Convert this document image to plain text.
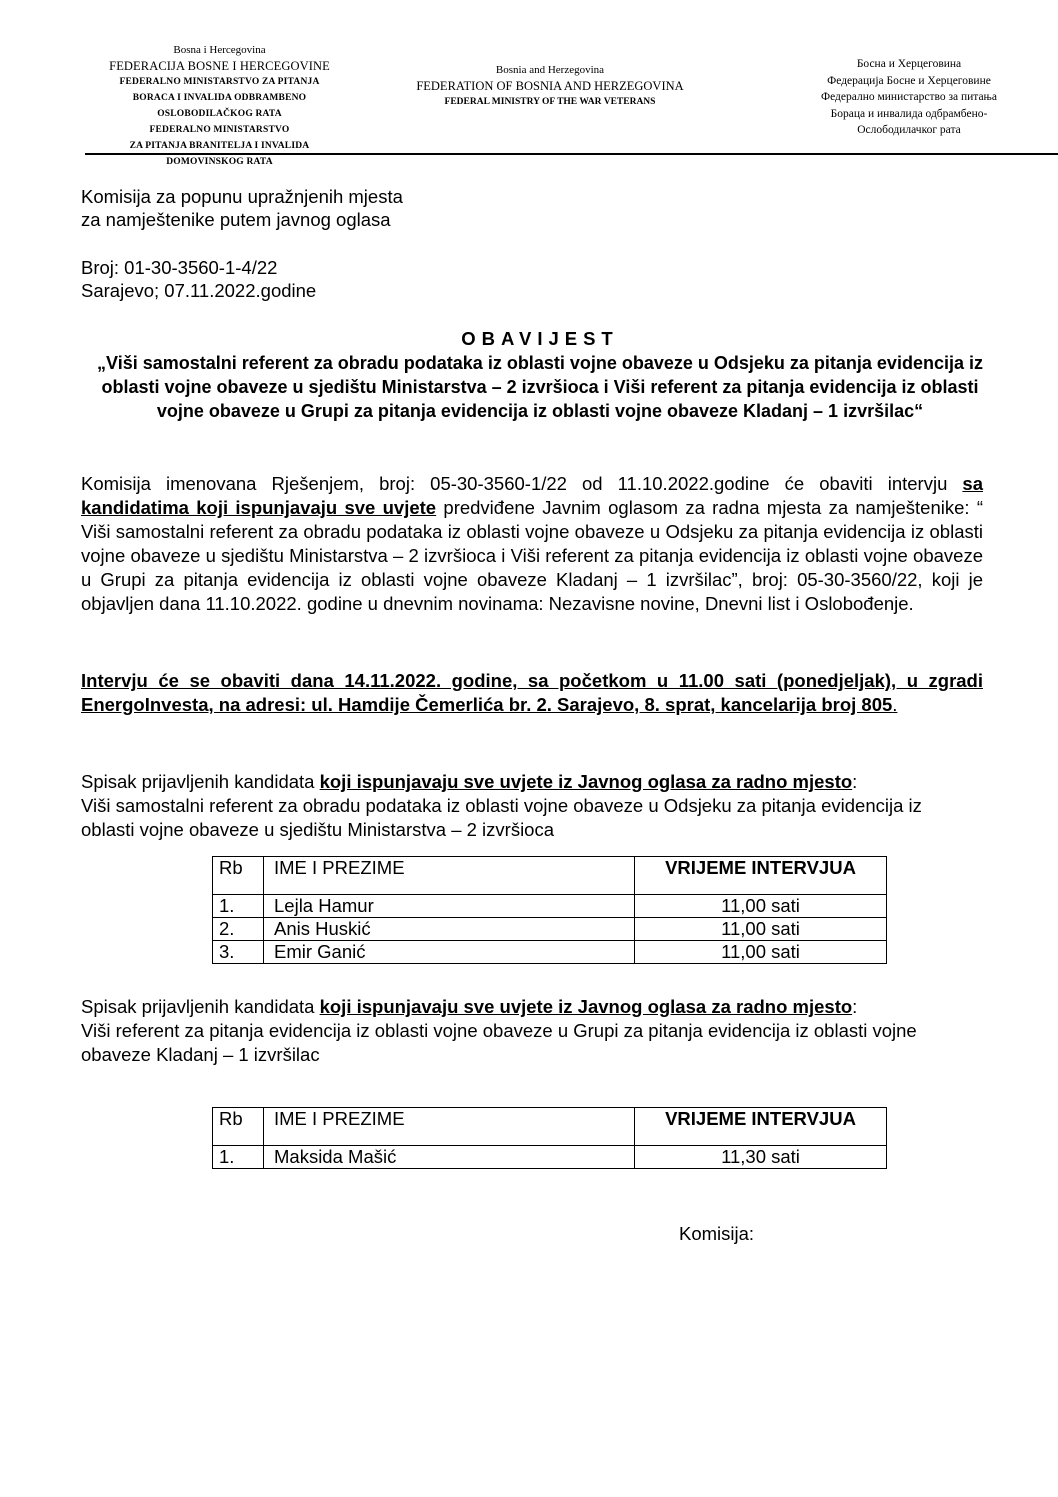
Bosna i Hercegovina
FEDERACIJA BOSNE I HERCEGOVINE
FEDERALNO MINISTARSTVO ZA PITANJA
BORACA I INVALIDA ODBRAMBENO
OSLOBODILAČKOG RATA
FEDERALNO MINISTARSTVO
ZA PITANJA BRANITELJA I INVALIDA
DOMOVINSKOG RATA
Bosnia and Herzegovina
FEDERATION OF BOSNIA AND HERZEGOVINA
FEDERAL MINISTRY OF THE WAR VETERANS
Босна и Херцеговина
Федерација Босне и Херцеговине
Федерално министарство за питања
Бораца и инвалида одбрамбено-
Ослободилачког рата
Komisija za popunu upražnjenih mjesta
za namještenike putem javnog oglasa
Broj: 01-30-3560-1-4/22
Sarajevo; 07.11.2022.godine
OBAVIJEST
„Viši samostalni referent za obradu podataka iz oblasti vojne obaveze u Odsjeku za pitanja evidencija iz oblasti vojne obaveze u sjedištu Ministarstva – 2 izvršioca i Viši referent za pitanja evidencija iz oblasti vojne obaveze u Grupi za pitanja evidencija iz oblasti vojne obaveze Kladanj – 1 izvršilac“
Komisija imenovana Rješenjem, broj: 05-30-3560-1/22 od 11.10.2022.godine će obaviti intervju sa kandidatima koji ispunjavaju sve uvjete predviđene Javnim oglasom za radna mjesta za namještenike: “ Viši samostalni referent za obradu podataka iz oblasti vojne obaveze u Odsjeku za pitanja evidencija iz oblasti vojne obaveze u sjedištu Ministarstva – 2 izvršioca i Viši referent za pitanja evidencija iz oblasti vojne obaveze u Grupi za pitanja evidencija iz oblasti vojne obaveze Kladanj – 1 izvršilac”, broj: 05-30-3560/22, koji je objavljen dana 11.10.2022. godine u dnevnim novinama: Nezavisne novine, Dnevni list i Oslobođenje.
Intervju će se obaviti dana 14.11.2022. godine, sa početkom u 11.00 sati (ponedjeljak), u zgradi EnergoInvesta, na adresi: ul. Hamdije Čemerlića br. 2. Sarajevo, 8. sprat, kancelarija broj 805.
Spisak prijavljenih kandidata koji ispunjavaju sve uvjete iz Javnog oglasa za radno mjesto:
Viši samostalni referent za obradu podataka iz oblasti vojne obaveze u Odsjeku za pitanja evidencija iz oblasti vojne obaveze u sjedištu Ministarstva – 2 izvršioca
Rb	IME I PREZIME	VRIJEME INTERVJUA
1.	Lejla Hamur	11,00 sati
2.	Anis Huskić	11,00 sati
3.	Emir Ganić	11,00 sati
Spisak prijavljenih kandidata koji ispunjavaju sve uvjete iz Javnog oglasa za radno mjesto:
Viši referent za pitanja evidencija iz oblasti vojne obaveze u Grupi za pitanja evidencija iz oblasti vojne obaveze Kladanj – 1 izvršilac
Rb	IME I PREZIME	VRIJEME INTERVJUA
1.	Maksida Mašić	11,30 sati
Komisija:
